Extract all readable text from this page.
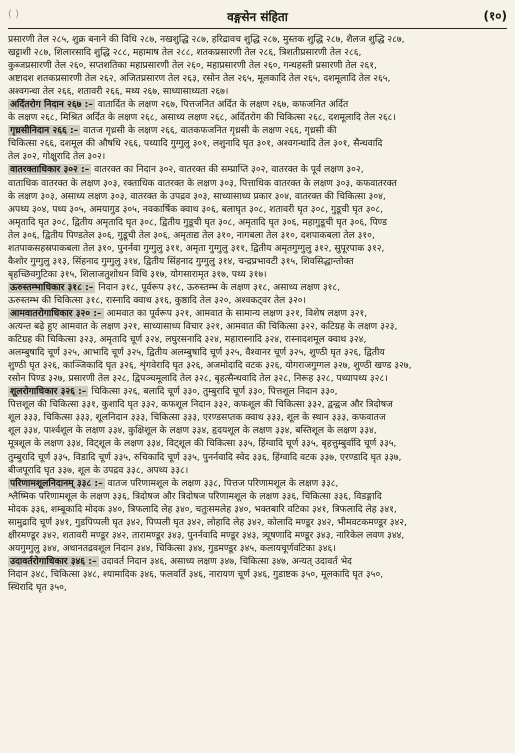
( )	वङ्गसेन संहिता	(१०)
प्रसारणी तेल २८५, शुक्र बनाने की विधि २८७, नखशुद्धि २८७, हरिद्रावच शुद्धि २८७, मुस्तक शुद्धि २८७, शैलज शुद्धि २८७,
खट्टाशी २८७, शिलारसादि शुद्धि २८८, महामाष तेल २८८, शतकप्रसारणी तेल २८६, त्रिशतीप्रसारणी तेल २८६,
कुब्जप्रसारणी तेल २६०, सप्तशतिका महाप्रसारणी तेल २६०, महाप्रसारणी तेल २६०, गन्धहस्ती प्रसारणी तेल २६१,
अष्टादश शतकप्रसारणी तेल २६२, अजितप्रसारण तेल २६३, रसोन तेल २६५, मूलकादि तेल २६५, दशमूलादि तेल २६५,
अश्वगन्धा तेल २६६, शतावरी २६६, मथ्य २६७, साध्यासाध्यता २६७।
अर्दितरोग निदान २६७ :– वातार्दित के लक्षण २६७, पित्तजनित अर्दित के लक्षण २६७, कफजनित अर्दित
के लक्षण २६८, मिश्रित अर्दित के लक्षण २६८, असाध्य लक्षण २६८, अर्दितरोग की चिकित्सा २६८, दशमूलादि तेल २६८।
गृध्रसीनिदान २६६ :– वातज गृध्रसी के लक्षण २६६, वातकफजनित गृध्रसी के लक्षण २६६, गृध्रसी की
चिकित्सा २६६, दशमूल की औषधि २६६, पथ्यादि गुग्गुलु ३०१, लशुनादि घृत ३०१, अश्वगन्धादि तेल ३०१, सैन्धवादि
तेल ३०२, गोक्षुरादि तेल ३०२।
वातरक्ताधिकार ३०२ :– वातरक्त का निदान ३०२, वातरक्त की सम्प्राप्ति ३०२, वातरक्त के पूर्व लक्षण ३०२,
वाताधिक वातरक्त के लक्षण ३०३, रक्ताधिक वातरक्त के लक्षण ३०३, पित्ताधिक वातरक्त के लक्षण ३०३, कफवातरक्त
के लक्षण ३०३, असाध्य लक्षण ३०३, वातरक्त के उपद्रव ३०३, साध्यासाध्य प्रकार ३०४, वातरक्त की चिकित्सा ३०४,
अपथ्य ३०४, पथ्य ३०५, अमयागुड ३०५, नवकार्षिक क्वाथ ३०६, बलाघृत ३०८, शतावरी घृत ३०८, गुडूची घृत ३०८,
अमृतादि घृत ३०८, द्वितीय अमृतादि घृत ३०८, द्वितीय गुडूची घृत ३०८, अमृतादि घृत ३०६, महागुडूची घृत ३०६, पिण्ड
तेल ३०६, द्वितीय पिण्डतेल ३०६, गुडूची तेल ३०६, अमृताद्य तेल ३१०, नागबला तेल ३१०, दशपाकबला तेल ३१०,
शतपाकसहस्रपाकबला तेल ३१०, पुनर्नवा गुग्गुलु ३११, अमृता गुग्गुलु ३११, द्वितीय अमृतगुग्गुलु ३१२, सुपूरपाक ३१२,
कैशोर गुग्गुलु ३१३, सिंहनाद गुग्गुलु ३१४, द्वितीय सिंहनाद गुग्गुलु ३१४, चन्द्रप्रभावटी ३१५, शिवसिद्धान्तोक्त
बृहच्छिवगुटिका ३१५, शिलाजतुशोधन विधि ३१७, योगसारामृत ३१७, पथ्य ३१७।
ऊरुस्तम्भाधिकार ३१८ :– निदान ३१८, पूर्वरूप ३१८, ऊरुस्तम्भ के लक्षण ३१८, असाध्य लक्षण ३१८,
ऊरुस्तम्भ की चिकित्सा ३१८, रास्नादि क्वाथ ३१६, कुष्ठादि तेल ३२०, अश्वकट्वर तेल ३२०।
आमवातरोगाधिकार ३२० :– आमवात का पूर्वरूप ३२१, आमवात के सामान्य लक्षण ३२१, विशेष लक्षण ३२१,
अत्यन्त बढ़े हुए आमवात के लक्षण ३२१, साध्यासाध्य विचार ३२१, आमवात की चिकित्सा ३२२, कटिग्रह के लक्षण ३२३,
कटिग्रह की चिकित्सा ३२३, अमृतादि चूर्ण ३२४, लघुरसनादि ३२४, महारास्नादि ३२४, रास्नादशमूल क्वाथ ३२४,
अलम्बुषादि चूर्ण ३२५, आभादि चूर्ण ३२५, द्वितीय अलम्बुषादि चूर्ण ३२५, वैश्वानर चूर्ण ३२५, शुण्ठी घृत ३२६, द्वितीय
शुण्ठी घृत ३२६, काञ्जिकादि घृत ३२६, शृंगवेरादि घृत ३२६, अजमोदादि वटक ३२६, योगराजगुग्गल ३२७, शुण्ठी खण्ड ३२७,
रसोन पिण्ड ३२७, प्रसारणी तेल ३२८, द्विपञ्चमूलादि तेल ३२८, बृहत्सैन्धवादि तेल ३२८, निरूह ३२८, पथ्यापथ्य ३२८।
शूलरोगाधिकार ३२६ :– चिकित्सा ३२६, बलादि चूर्ण ३३०, तुम्बुरादि चूर्ण ३३०, पित्तशूल निदान ३३०,
पित्तशूल की चिकित्सा ३३१, कुशादि घृत ३३२, कफशूल निदान ३३२, कफशूल की चिकित्सा ३३२, द्वन्द्वज और त्रिदोषज
शूल ३३३, चिकित्सा ३३३, शूलनिदान ३३३, चिकित्सा ३३३, एरण्डसप्तक क्वाथ ३३३, शूल के स्थान ३३३, कफवातज
शूल ३३४, पार्श्वशूल के लक्षण ३३४, कुक्षिशूल के लक्षण ३३४, हृदयशूल के लक्षण ३३४, बस्तिशूल के लक्षण ३३४,
मूत्रशूल के लक्षण ३३४, विट्शूल के लक्षण ३३४, विट्शूल की चिकित्सा ३३५, हिंग्वादि चूर्ण ३३५, बृहत्तुम्बुर्वादि चूर्ण ३३५,
तुम्बुरादि चूर्ण ३३५, विडादि चूर्ण ३३५, रुचिकादि चूर्ण ३३५, पुनर्नवादि स्वेद ३३६, हिंग्वादि वटक ३३७, एरण्डादि घृत ३३७,
बीजपूरादि घृत ३३७, शूल के उपद्रव ३३८, अपथ्य ३३८।
परिणामशूलनिदानम् ३३८ :– वातज परिणामशूल के लक्षण ३३८, पित्तज परिणामशूल के लक्षण ३३८,
श्लैष्मिक परिणामशूल के लक्षण ३३६, त्रिदोषज और त्रिदोषज परिणामशूल के लक्षण ३३६, चिकित्सा ३३६, विडङ्गादि
मोदक ३३६, शम्बूकादि मोदक ३४०, त्रिफलादि लेह ३४०, चतुःसमलेह ३४०, भक्तबारि वटिका ३४१, त्रिफलादि लेह ३४१,
सामुद्रादि चूर्ण ३४१, गुडपिप्पली घृत ३४२, पिप्पली घृत ३४२, लोहादि लेह ३४२, कोलादि मण्डूर ३४२, भीमवटकमण्डूर ३४२,
क्षीरमण्डूर ३४२, शतावरी मण्डूर ३४२, तारामण्डूर ३४३, पुनर्नवादि मण्डूर ३४३, त्र्यूषणादि मण्डूर ३४३, नारिकेल लवण ३४४,
अयगुग्गुलु ३४४, अधानतद्रवशूल निदान ३४४, चिकित्सा ३४४, गुडमण्डूर ३४५, कलायचूर्णवटिका ३४६।
उदावर्तरोगाधिकार ३४६ :– उदावर्त निदान ३४६, असाध्य लक्षण ३४७, चिकित्सा ३४७, अन्यत् उदावर्त भेद
निदान ३४८, चिकित्सा ३४८, श्यामादिक ३४६, फलवर्ति ३४६, नारायण चूर्ण ३४६, गुडाष्टक ३५०, मूलकादि घृत ३५०,
स्थिरादि घृत ३५०,
